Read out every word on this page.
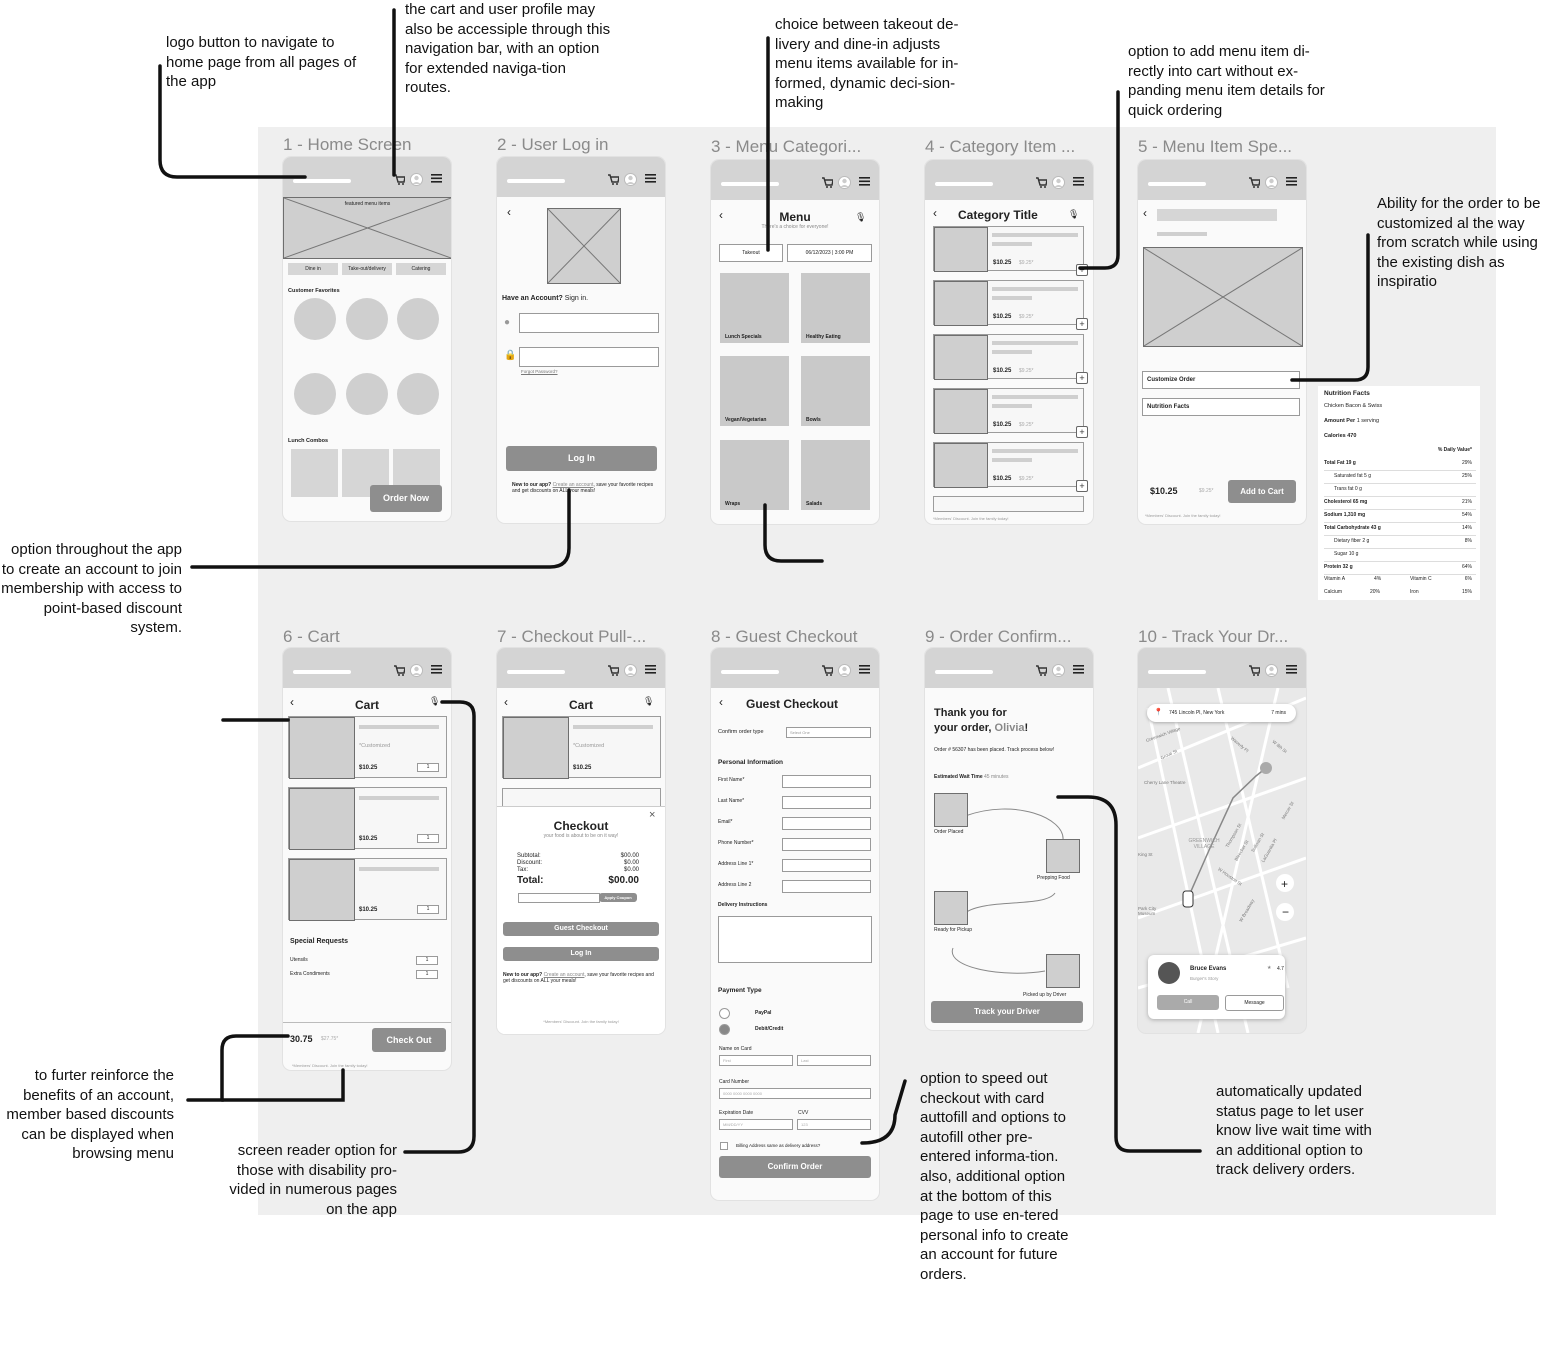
logo button to navigate to home page from all pages of the app
the cart and user profile may also be accessiple through this navigation bar, with an option for extended naviga-tion routes.
choice between takeout de-livery and dine-in adjusts menu items available for in-formed, dynamic deci-sion-making
option to add menu item di-rectly into cart without ex-panding menu item details for quick ordering
Ability for the order to be customized al the way from scratch while using the existing dish as inspiratio
option throughout the app to create an account to join membership with access to point-based discount system.
to furter reinforce the benefits of an account, member based discounts can be displayed when browsing menu	screen reader option for those with disability pro-vided in numerous pages on the app
option to speed out checkout with card auttofill and options to autofill other pre-entered informa-tion. also, additional option at the bottom of this page to use en-tered personal info to create an account for future orders.
automatically updated status page to let user know live wait time with an additional option to track delivery orders.
1 - Home Screen	2 - User Log in	3 - Menu Categori...	4 - Category Item ...	5 - Menu Item Spe...
6 - Cart	7 - Checkout Pull-...	8 - Guest Checkout	9 - Order Confirm...	10 - Track Your Dr...
featured menu items
Dine in	Take-out/delivery	Catering
Customer Favorites
Lunch Combos
Order Now
‹
Have an Account? Sign in.
●
🔒
Forgot Password?
Log In
New to our app? Create an account, save your favorite recipes and get discounts on ALL your meals!
‹	Menu
There's a choice for everyone!
🎙
Takeout	06/12/2023 | 3:00 PM
Lunch Specials	Healthy Eating
Vegan/Vegetarian	Bowls
Wraps	Salads
‹ Category Title	🎙
$10.25 $9.25*
+
$10.25 $9.25*
+
$10.25 $9.25*
+
$10.25 $9.25*
+
$10.25 $9.25*
+
*Members' Discount. Join the family today!
‹
Customize Order
Nutrition Facts
$10.25	$9.25*	Add to Cart
*Members' Discount. Join the family today!
Nutrition Facts
Chicken Bacon & Swiss
Amount Per 1 serving
Calories 470
% Daily Value*
Vitamin A	4%	Vitamin C	6%
Calcium	20%	Iron	15%
Total Fat 19 g	29%
Saturated fat 5 g	25%
Trans fat 0 g
Cholesterol 65 mg	21%
Sodium 1,310 mg	54%
Total Carbohydrate 43 g	14%
Dietary fiber 2 g	8%
Sugar 10 g
Protein 32 g	64%
‹	Cart	🎙
*Customized
$10.25	1
$10.25	1
$10.25	1
Special Requests
Utensils	1
Extra Condiments	1
30.75 $27.75*	Check Out
*Members' Discount. Join the family today!
‹	Cart	🎙
*Customized
$10.25
×
Checkout
your food is about to be on it way!
Subtotal:	$00.00
Discount:	$0.00
Tax:	$0.00
Total:	$00.00
Apply Coupon
Guest Checkout
Log In
New to our app? Create an account, save your favorite recipes and get discounts on ALL your meals!
*Members' Discount. Join the family today!
‹ Guest Checkout
Confirm order type	Select One
Personal Information
Delivery Instructions
Payment Type
PayPal
Debit/Credit
Name on Card
First	Last
Card Number
0000 0000 0000 0000
Expiration Date
MM/DD/YY
CVV
123
Billing Address same as delivery address?
Confirm Order
First Name*
Last Name*
Email*
Phone Number*
Address Line 1*
Address Line 2
Thank you for
your order, Olivia!
Order # 56307 has been placed. Track process below!
Estimated Wait Time 45 minutes
Order Placed
Prepping Food
Ready for Pickup
Picked up by Driver
Track your Driver
+
−
Greenwich Village
Waverly Pl	W 8th St
Grove St
Cherry Lane Theatre
GREENWICH VILLAGE
King St
W Houston St
Bleecker St
W Broadway
Park City Museum
Thompson St Sullivan St
LaGuardia Pl
Mercer St
📍 745 Lincoln Pl, New York	7 mins
Bruce Evans
Burger's Story
★ 4.7
Call	Message
